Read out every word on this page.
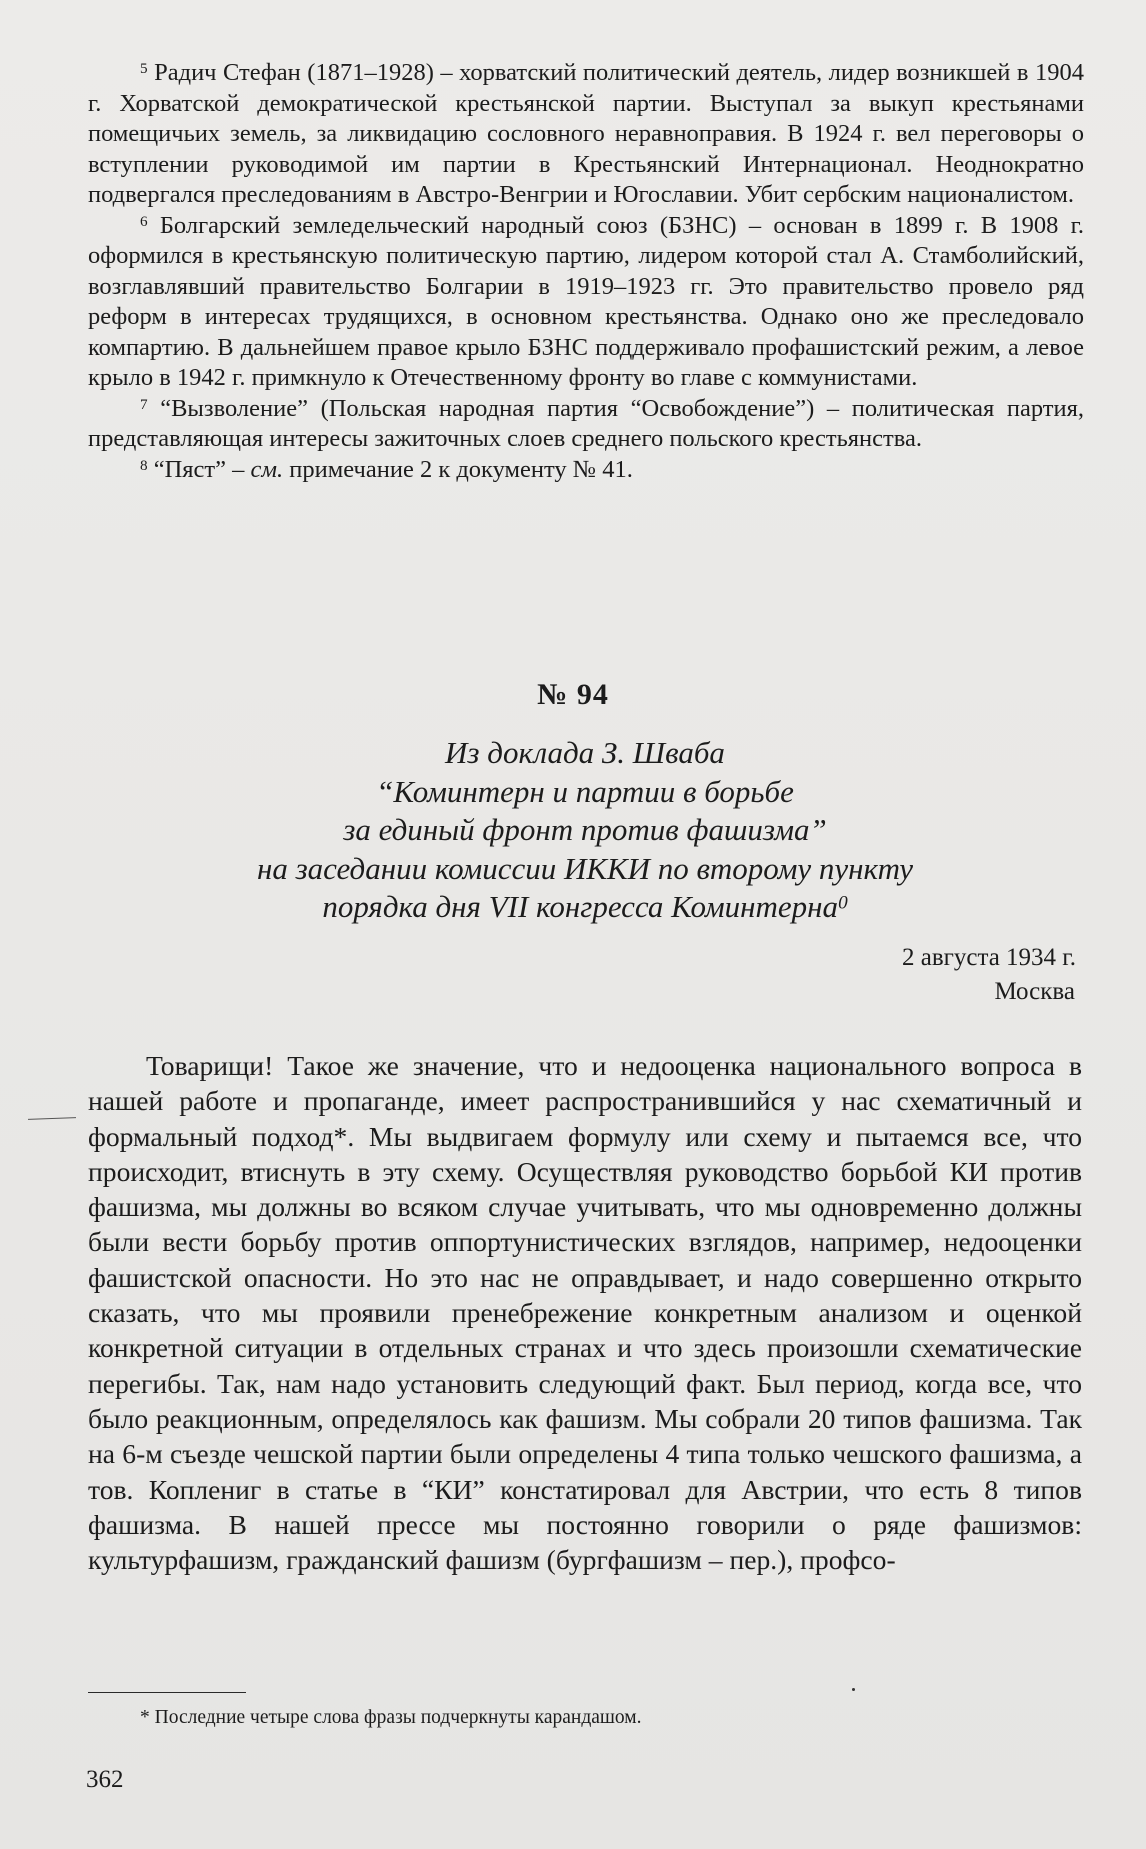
$^5$ Радич Стефан (1871–1928) – хорватский политический деятель, лидер возникшей в 1904 г. Хорватской демократической крестьянской партии. Выступал за выкуп крестьянами помещичьих земель, за ликвидацию сословного неравноправия. В 1924 г. вел переговоры о вступлении руководимой им партии в Крестьянский Интернационал. Неоднократно подвергался преследованиям в Австро-Венгрии и Югославии. Убит сербским националистом.

$^6$ Болгарский земледельческий народный союз (БЗНС) – основан в 1899 г. В 1908 г. оформился в крестьянскую политическую партию, лидером которой стал А. Стамболийский, возглавлявший правительство Болгарии в 1919–1923 гг. Это правительство провело ряд реформ в интересах трудящихся, в основном крестьянства. Однако оно же преследовало компартию. В дальнейшем правое крыло БЗНС поддерживало профашистский режим, а левое крыло в 1942 г. примкнуло к Отечественному фронту во главе с коммунистами.

$^7$ “Вызволение” (Польская народная партия “Освобождение”) – политическая партия, представляющая интересы зажиточных слоев среднего польского крестьянства.

$^8$ “Пяст” – см. примечание 2 к документу № 41.

№ 94
Из доклада З. Шваба
“Коминтерн и партии в борьбе
за единый фронт против фашизма”
на заседании комиссии ИККИ по второму пункту
порядка дня VII конгресса Коминтерна$^0$
2 августа 1934 г.
Москва

Товарищи! Такое же значение, что и недооценка национального вопроса в нашей работе и пропаганде, имеет распространившийся у нас схематичный и формальный подход*. Мы выдвигаем формулу или схему и пытаемся все, что происходит, втиснуть в эту схему. Осуществляя руководство борьбой КИ против фашизма, мы должны во всяком случае учитывать, что мы одновременно должны были вести борьбу против оппортунистических взглядов, например, недооценки фашистской опасности. Но это нас не оправдывает, и надо совершенно открыто сказать, что мы проявили пренебрежение конкретным анализом и оценкой конкретной ситуации в отдельных странах и что здесь произошли схематические перегибы. Так, нам надо установить следующий факт. Был период, когда все, что было реакционным, определялось как фашизм. Мы собрали 20 типов фашизма. Так на 6-м съезде чешской партии были определены 4 типа только чешского фашизма, а тов. Коплениг в статье в “КИ” констатировал для Австрии, что есть 8 типов фашизма. В нашей прессе мы постоянно говорили о ряде фашизмов: культурфашизм, гражданский фашизм (бургфашизм – пер.), профсо-

* Последние четыре слова фразы подчеркнуты карандашом.
362
